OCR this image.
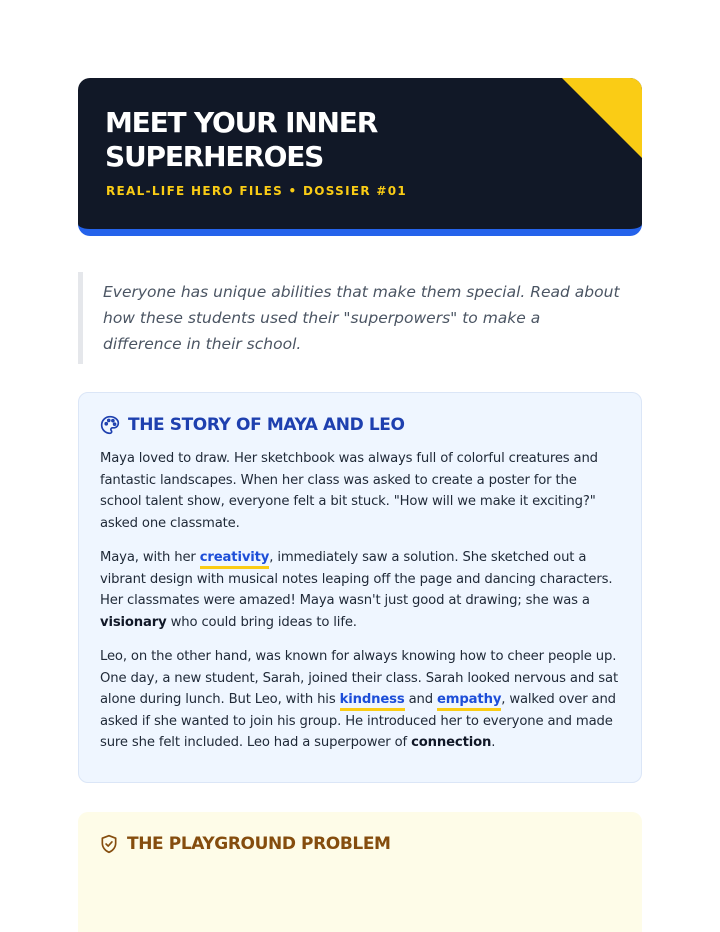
MEET YOUR INNER
SUPERHEROES
REAL-LIFE HERO FILES • DOSSIER #01
Everyone has unique abilities that make them special. Read about how these students used their "superpowers" to make a difference in their school.
THE STORY OF MAYA AND LEO

Maya loved to draw. Her sketchbook was always full of colorful creatures and fantastic landscapes. When her class was asked to create a poster for the school talent show, everyone felt a bit stuck. "How will we make it exciting?" asked one classmate.

Maya, with her creativity, immediately saw a solution. She sketched out a vibrant design with musical notes leaping off the page and dancing characters. Her classmates were amazed! Maya wasn't just good at drawing; she was a visionary who could bring ideas to life.

Leo, on the other hand, was known for always knowing how to cheer people up. One day, a new student, Sarah, joined their class. Sarah looked nervous and sat alone during lunch. But Leo, with his kindness and empathy, walked over and asked if she wanted to join his group. He introduced her to everyone and made sure she felt included. Leo had a superpower of connection.

THE PLAYGROUND PROBLEM
